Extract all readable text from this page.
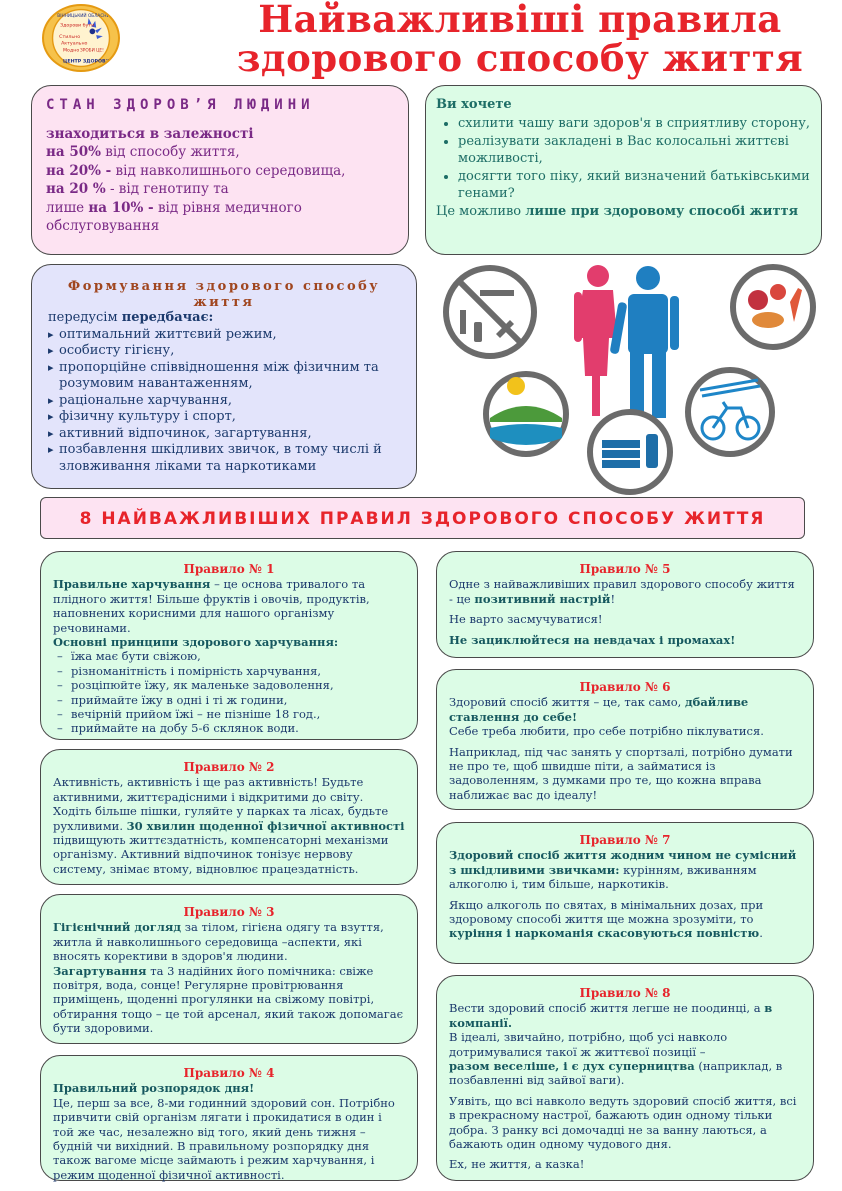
Здорови бути
Стильно
Актуально
Модно ЗРОБИ ЦЕ!
ЦЕНТР ЗДОРОВ'Я
ВІННИЦЬКИЙ ОБЛАСНИЙ	Найважливіші правила
здорового способу життя
СТАН ЗДОРОВ’Я ЛЮДИНИ
знаходиться в залежності
на 50% від способу життя,
на 20% - від навколишнього середовища,
на 20 % - від генотипу та
лише на 10% - від рівня медичного обслуговування
Ви хочете
• схилити чашу ваги здоров'я в сприятливу сторону,
• реалізувати закладені в Вас колосальні життєві можливості,
• досягти того піку, який визначений батьківськими генами?
Це можливо лише при здоровому способі життя
Формування здорового способу життя
передусім передбачає:
▸ оптимальний життєвий режим,
▸ особисту гігієну,
▸ пропорційне співвідношення між фізичним та розумовим навантаженням,
▸ раціональне харчування,
▸ фізичну культуру і спорт,
▸ активний відпочинок, загартування,
▸ позбавлення шкідливих звичок, в тому числі й зловживання ліками та наркотиками
8 НАЙВАЖЛИВІШИХ ПРАВИЛ ЗДОРОВОГО СПОСОБУ ЖИТТЯ
Правило № 1
Правильне харчування – це основа тривалого та плідного життя! Більше фруктів і овочів, продуктів, наповнених корисними для нашого організму речовинами.
Основні принципи здорового харчування:
– їжа має бути свіжою,
– різноманітність і помірність харчування,
– розціпюйте їжу, як маленьке задоволення,
– приймайте їжу в одні і ті ж години,
– вечірній прийом їжі – не пізніше 18 год.,
– приймайте на добу 5-6 склянок води.
Правило № 2
Активність, активність і ще раз активність! Будьте активними, життєрадісними і відкритими до світу. Ходіть більше пішки, гуляйте у парках та лісах, будьте рухливими. 30 хвилин щоденної фізичної активності підвищують життєздатність, компенсаторні механізми організму. Активний відпочинок тонізує нервову систему, знімає втому, відновлює працездатність.
Правило № 3
Гігієнічний догляд за тілом, гігієна одягу та взуття, житла й навколишнього середовища –аспекти, які вносять корективи в здоров'я людини.
Загартування та 3 надійних його помічника: свіже повітря, вода, сонце! Регулярне провітрювання приміщень, щоденні прогулянки на свіжому повітрі, обтирання тощо – це той арсенал, який також допомагає бути здоровими.
Правило № 4
Правильний розпорядок дня!
Це, перш за все, 8-ми годинний здоровий сон. Потрібно привчити свій організм лягати і прокидатися в один і той же час, незалежно від того, який день тижня – будній чи вихідний. В правильному розпорядку дня також вагоме місце займають і режим харчування, і режим щоденної фізичної активності.
Правило № 5

Одне з найважливіших правил здорового способу життя - це позитивний настрій!

Не варто засмучуватися!

Не зациклюйтеся на невдачах і промахах!

Правило № 6
Здоровий спосіб життя – це, так само, дбайливе ставлення до себе!

Себе треба любити, про себе потрібно піклуватися.

Наприклад, під час занять у спортзалі, потрібно думати не про те, щоб швидше піти, а займатися із задоволенням, з думками про те, що кожна вправа наближає вас до ідеалу!

Правило № 7

Здоровий спосіб життя жодним чином не сумісний з шкідливими звичками: курінням, вживанням алкоголю і, тим більше, наркотиків.

Якщо алкоголь по святах, в мінімальних дозах, при здоровому способі життя ще можна зрозуміти, то куріння і наркоманія скасовуються повністю.

Правило № 8
Вести здоровий спосіб життя легше не поодинці, а в компанії.
В ідеалі, звичайно, потрібно, щоб усі навколо дотримувалися такої ж життєвої позиції –

разом веселіше, і є дух суперництва (наприклад, в позбавленні від зайвої ваги).

Уявіть, що всі навколо ведуть здоровий спосіб життя, всі в прекрасному настрої, бажають один одному тільки добра. З ранку всі домочадці не за ванну лаються, а бажають один одному чудового дня.

Ех, не життя, а казка!
